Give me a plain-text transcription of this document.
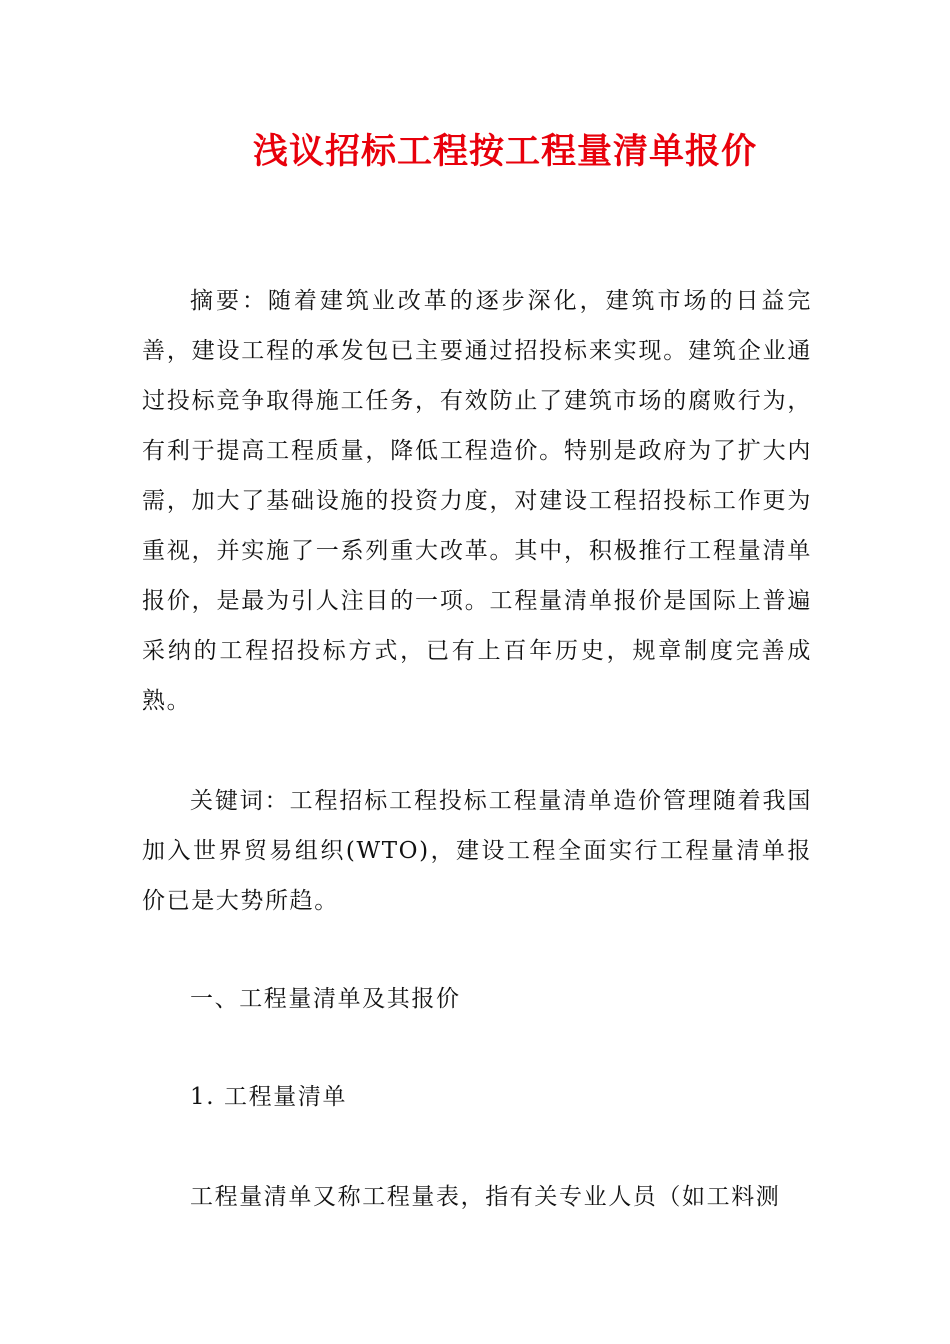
浅议招标工程按工程量清单报价

摘要：随着建筑业改革的逐步深化，建筑市场的日益完善，建设工程的承发包已主要通过招投标来实现。建筑企业通过投标竞争取得施工任务，有效防止了建筑市场的腐败行为，有利于提高工程质量，降低工程造价。特别是政府为了扩大内需，加大了基础设施的投资力度，对建设工程招投标工作更为重视，并实施了一系列重大改革。其中，积极推行工程量清单报价，是最为引人注目的一项。工程量清单报价是国际上普遍采纳的工程招投标方式，已有上百年历史，规章制度完善成熟。

关键词：工程招标工程投标工程量清单造价管理随着我国加入世界贸易组织(WTO)，建设工程全面实行工程量清单报价已是大势所趋。

一、工程量清单及其报价

1. 工程量清单

工程量清单又称工程量表，指有关专业人员（如工料测
